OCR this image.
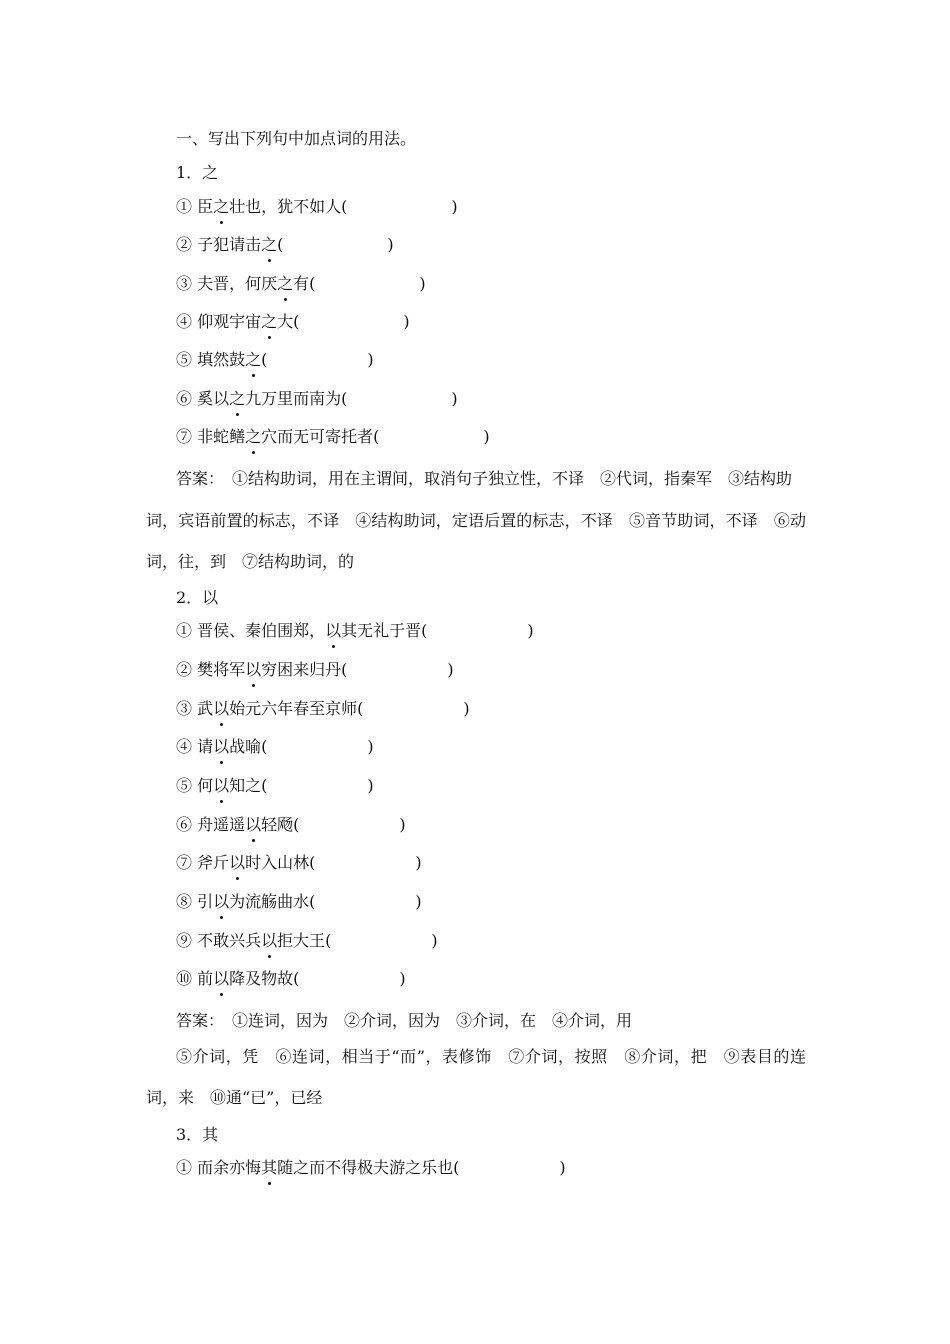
一、写出下列句中加点词的用法。
1．之
① 臣之壮也，犹不如人(	)
② 子犯请击之(	)
③ 夫晋，何厌之有(	)
④ 仰观宇宙之大(	)
⑤ 填然鼓之(	)
⑥ 奚以之九万里而南为(	)
⑦ 非蛇鳝之穴而无可寄托者(	)
答案：　①结构助词，用在主谓间，取消句子独立性，不译　②代词，指秦军　③结构助
词，宾语前置的标志，不译　④结构助词，定语后置的标志，不译　⑤音节助词，不译　⑥动
词，往，到　⑦结构助词，的
2．以
① 晋侯、秦伯围郑，以其无礼于晋(	)
② 樊将军以穷困来归丹(	)
③ 武以始元六年春至京师(	)
④ 请以战喻(	)
⑤ 何以知之(	)
⑥ 舟遥遥以轻飏(	)
⑦ 斧斤以时入山林(	)
⑧ 引以为流觞曲水(	)
⑨ 不敢兴兵以拒大王(	)
⑩ 前以降及物故(	)
答案：　①连词，因为　②介词，因为　③介词，在　④介词，用
⑤介词，凭　⑥连词，相当于“而”，表修饰　⑦介词，按照　⑧介词，把　⑨表目的连
词，来　⑩通“已”，已经
3．其
① 而余亦悔其随之而不得极夫游之乐也(	)
